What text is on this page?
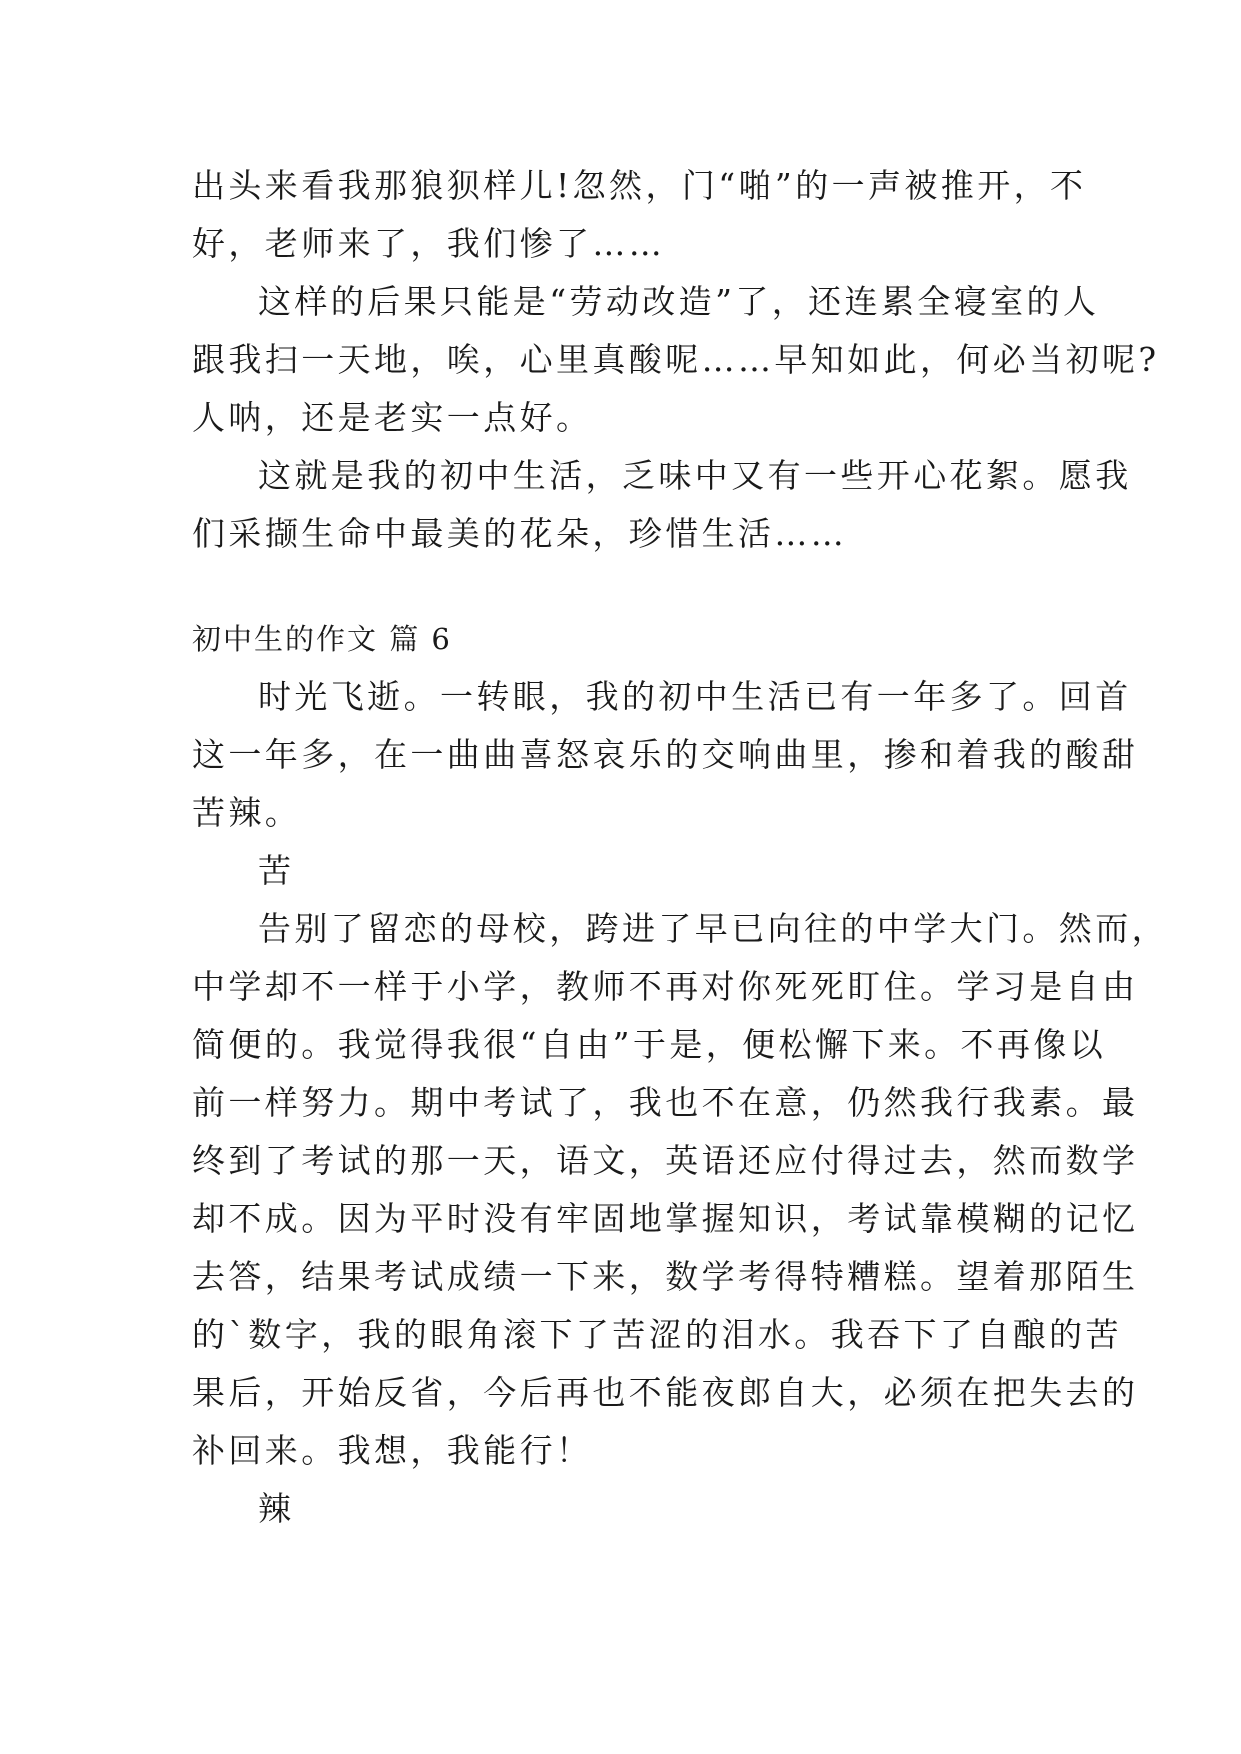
出头来看我那狼狈样儿!忽然，门“啪”的一声被推开，不
好，老师来了，我们惨了……
这样的后果只能是“劳动改造”了，还连累全寝室的人
跟我扫一天地，唉，心里真酸呢……早知如此，何必当初呢?
人呐，还是老实一点好。
这就是我的初中生活，乏味中又有一些开心花絮。愿我
们采撷生命中最美的花朵，珍惜生活……
初中生的作文 篇 6
时光飞逝。一转眼，我的初中生活已有一年多了。回首
这一年多，在一曲曲喜怒哀乐的交响曲里，掺和着我的酸甜
苦辣。
苦
告别了留恋的母校，跨进了早已向往的中学大门。然而，
中学却不一样于小学，教师不再对你死死盯住。学习是自由
简便的。我觉得我很“自由”于是，便松懈下来。不再像以
前一样努力。期中考试了，我也不在意，仍然我行我素。最
终到了考试的那一天，语文，英语还应付得过去，然而数学
却不成。因为平时没有牢固地掌握知识，考试靠模糊的记忆
去答，结果考试成绩一下来，数学考得特糟糕。望着那陌生
的`数字，我的眼角滚下了苦涩的泪水。我吞下了自酿的苦
果后，开始反省，今后再也不能夜郎自大，必须在把失去的
补回来。我想，我能行！
辣
